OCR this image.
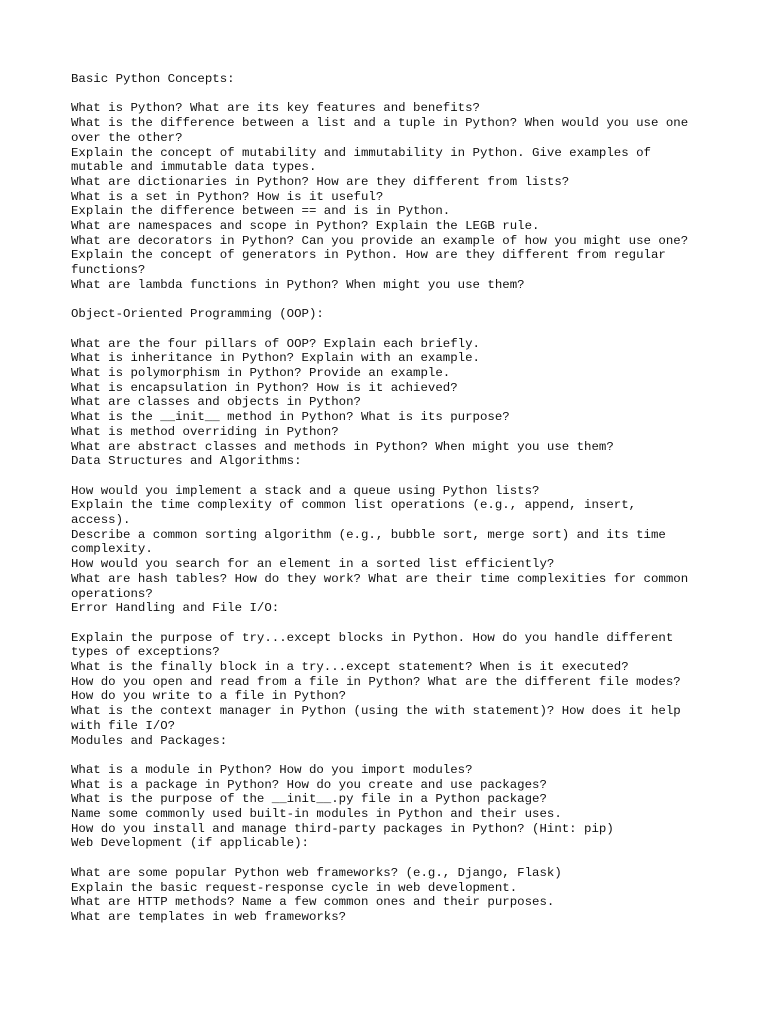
Basic Python Concepts:

What is Python? What are its key features and benefits?

What is the difference between a list and a tuple in Python? When would you use one
over the other?

Explain the concept of mutability and immutability in Python. Give examples of
mutable and immutable data types.

What are dictionaries in Python? How are they different from lists?

What is a set in Python? How is it useful?

Explain the difference between == and is in Python.

What are namespaces and scope in Python? Explain the LEGB rule.

What are decorators in Python? Can you provide an example of how you might use one?

Explain the concept of generators in Python. How are they different from regular
functions?

What are lambda functions in Python? When might you use them?

Object-Oriented Programming (OOP):

What are the four pillars of OOP? Explain each briefly.

What is inheritance in Python? Explain with an example.

What is polymorphism in Python? Provide an example.

What is encapsulation in Python? How is it achieved?

What are classes and objects in Python?

What is the __init__ method in Python? What is its purpose?

What is method overriding in Python?

What are abstract classes and methods in Python? When might you use them?

Data Structures and Algorithms:

How would you implement a stack and a queue using Python lists?

Explain the time complexity of common list operations (e.g., append, insert,
access).

Describe a common sorting algorithm (e.g., bubble sort, merge sort) and its time
complexity.

How would you search for an element in a sorted list efficiently?

What are hash tables? How do they work? What are their time complexities for common
operations?

Error Handling and File I/O:

Explain the purpose of try...except blocks in Python. How do you handle different
types of exceptions?

What is the finally block in a try...except statement? When is it executed?

How do you open and read from a file in Python? What are the different file modes?

How do you write to a file in Python?

What is the context manager in Python (using the with statement)? How does it help
with file I/O?

Modules and Packages:

What is a module in Python? How do you import modules?

What is a package in Python? How do you create and use packages?

What is the purpose of the __init__.py file in a Python package?

Name some commonly used built-in modules in Python and their uses.

How do you install and manage third-party packages in Python? (Hint: pip)

Web Development (if applicable):

What are some popular Python web frameworks? (e.g., Django, Flask)

Explain the basic request-response cycle in web development.

What are HTTP methods? Name a few common ones and their purposes.

What are templates in web frameworks?
